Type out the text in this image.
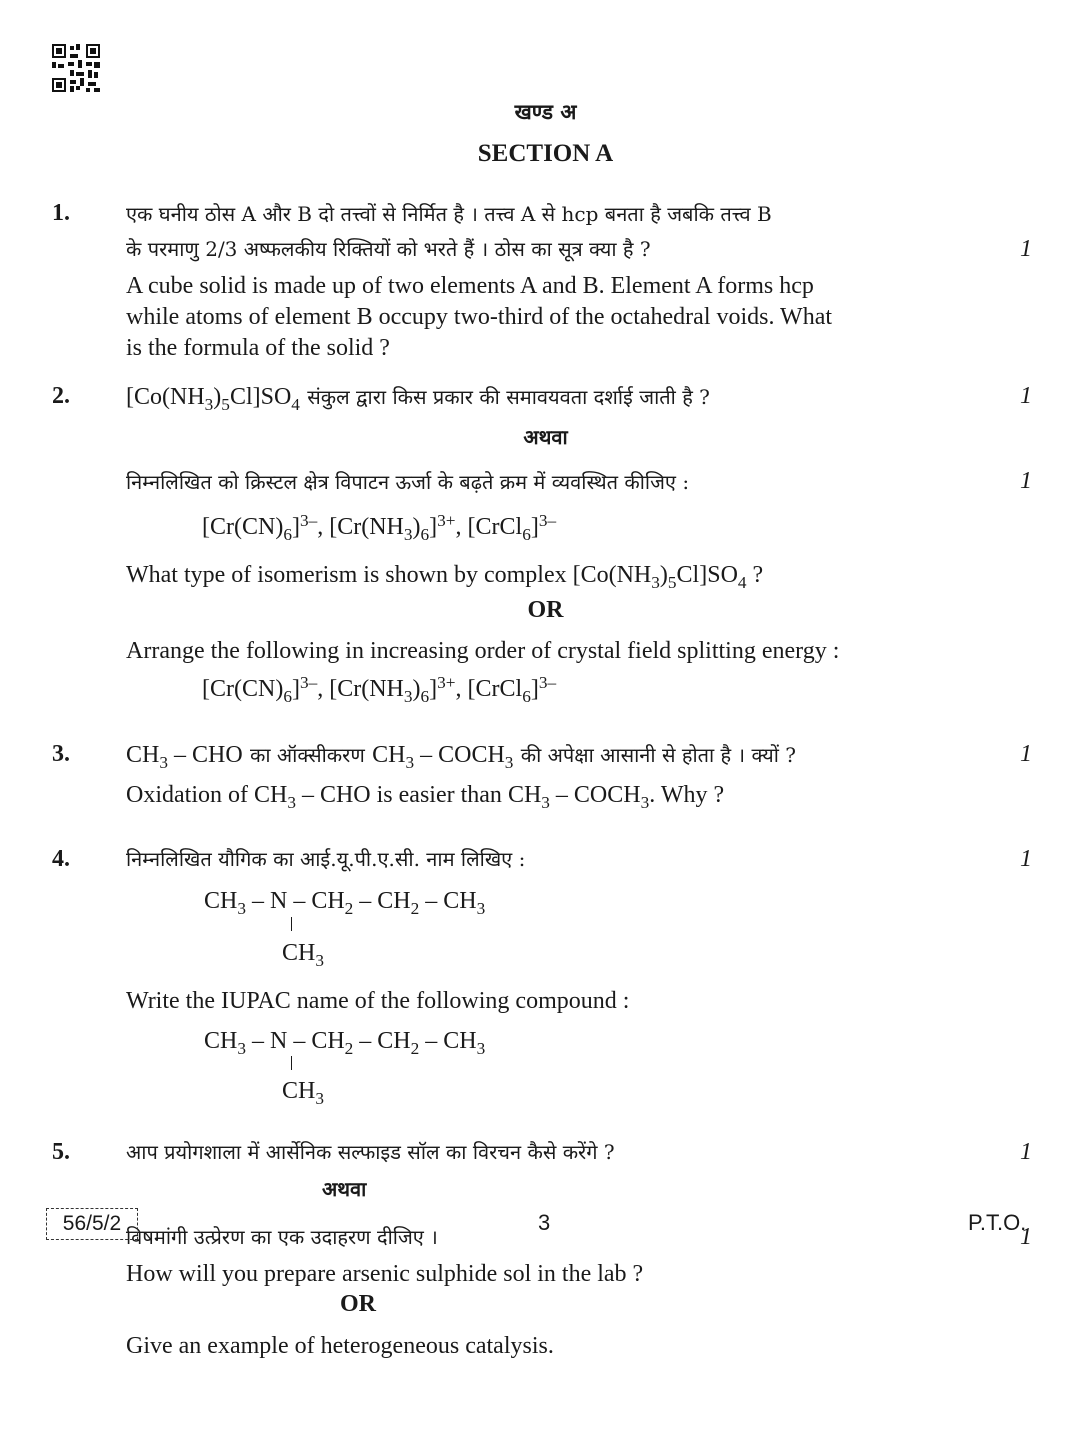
खण्ड अ
SECTION A
1.	एक घनीय ठोस A और B दो तत्त्वों से निर्मित है । तत्त्व A से hcp बनता है जबकि तत्त्व B
के परमाणु 2/3 अष्फलकीय रिक्तियों को भरते हैं । ठोस का सूत्र क्या है ?	1
A cube solid is made up of two elements A and B. Element A forms hcp
while atoms of element B occupy two-third of the octahedral voids. What
is the formula of the solid ?
2. $[Co(NH_3)_5Cl]SO_4$ संकुल द्वारा किस प्रकार की समावयवता दर्शाई जाती है ?	1
अथवा
निम्नलिखित को क्रिस्टल क्षेत्र विपाटन ऊर्जा के बढ़ते क्रम में व्यवस्थित कीजिए :	1
$[Cr(CN)_6]^{3-}$, $[Cr(NH_3)_6]^{3+}$, [CrCl$_6$]$^{3-}$
What type of isomerism is shown by complex $[Co(NH_3)_5Cl]SO_4$ ?
OR
Arrange the following in increasing order of crystal field splitting energy :
$[Cr(CN)_6]^{3-}$, $[Cr(NH_3)_6]^{3+}$, [CrCl$_6$]$^{3-}$
3. $CH_3$ – CHO का ऑक्सीकरण $CH_3$ – $COCH_3$ की अपेक्षा आसानी से होता है । क्यों ?	1
Oxidation of $CH_3$ – CHO is easier than $CH_3$ – $COCH_3$. Why ?
4.	निम्नलिखित यौगिक का आई.यू.पी.ए.सी. नाम लिखिए :	1
$CH_3$ – N – $CH_2 - CH_2 - CH_3$
$CH_3$
Write the IUPAC name of the following compound :
$CH_3$ – N – $CH_2 - CH_2 - CH_3$
$CH_3$
5.	आप प्रयोगशाला में आर्सेनिक सल्फाइड सॉल का विरचन कैसे करेंगे ?	1
अथवा
विषमांगी उत्प्रेरण का एक उदाहरण दीजिए ।	1
How will you prepare arsenic sulphide sol in the lab ?
OR
Give an example of heterogeneous catalysis.
56/5/2	3	P.T.O.
